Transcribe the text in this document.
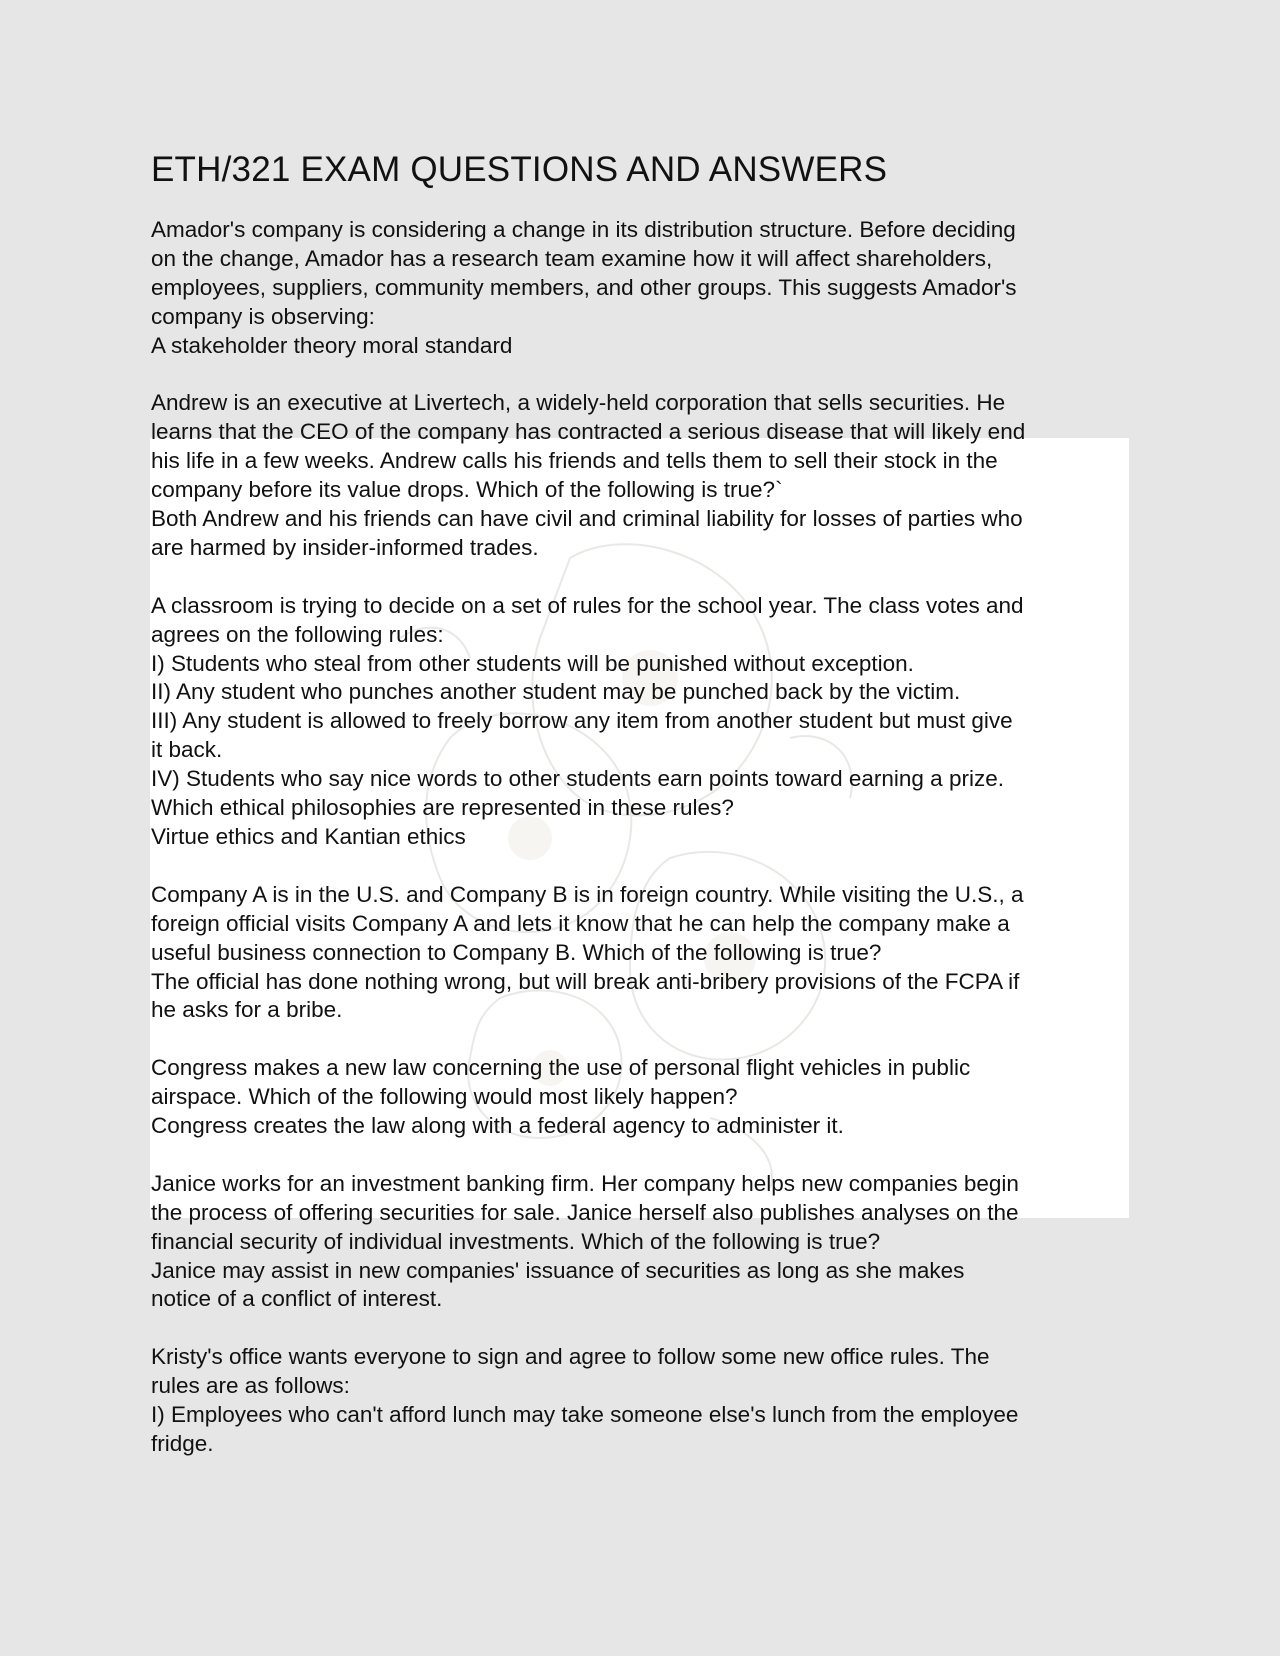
ETH/321 EXAM QUESTIONS AND ANSWERS

Amador's company is considering a change in its distribution structure. Before deciding
on the change, Amador has a research team examine how it will affect shareholders,
employees, suppliers, community members, and other groups. This suggests Amador's
company is observing:
A stakeholder theory moral standard

Andrew is an executive at Livertech, a widely-held corporation that sells securities. He
learns that the CEO of the company has contracted a serious disease that will likely end
his life in a few weeks. Andrew calls his friends and tells them to sell their stock in the
company before its value drops. Which of the following is true?`
Both Andrew and his friends can have civil and criminal liability for losses of parties who
are harmed by insider-informed trades.

A classroom is trying to decide on a set of rules for the school year. The class votes and
agrees on the following rules:
I) Students who steal from other students will be punished without exception.
II) Any student who punches another student may be punched back by the victim.
III) Any student is allowed to freely borrow any item from another student but must give
it back.
IV) Students who say nice words to other students earn points toward earning a prize.
Which ethical philosophies are represented in these rules?
Virtue ethics and Kantian ethics

Company A is in the U.S. and Company B is in foreign country. While visiting the U.S., a
foreign official visits Company A and lets it know that he can help the company make a
useful business connection to Company B. Which of the following is true?
The official has done nothing wrong, but will break anti-bribery provisions of the FCPA if
he asks for a bribe.

Congress makes a new law concerning the use of personal flight vehicles in public
airspace. Which of the following would most likely happen?
Congress creates the law along with a federal agency to administer it.

Janice works for an investment banking firm. Her company helps new companies begin
the process of offering securities for sale. Janice herself also publishes analyses on the
financial security of individual investments. Which of the following is true?
Janice may assist in new companies' issuance of securities as long as she makes
notice of a conflict of interest.

Kristy's office wants everyone to sign and agree to follow some new office rules. The
rules are as follows:
I) Employees who can't afford lunch may take someone else's lunch from the employee
fridge.
